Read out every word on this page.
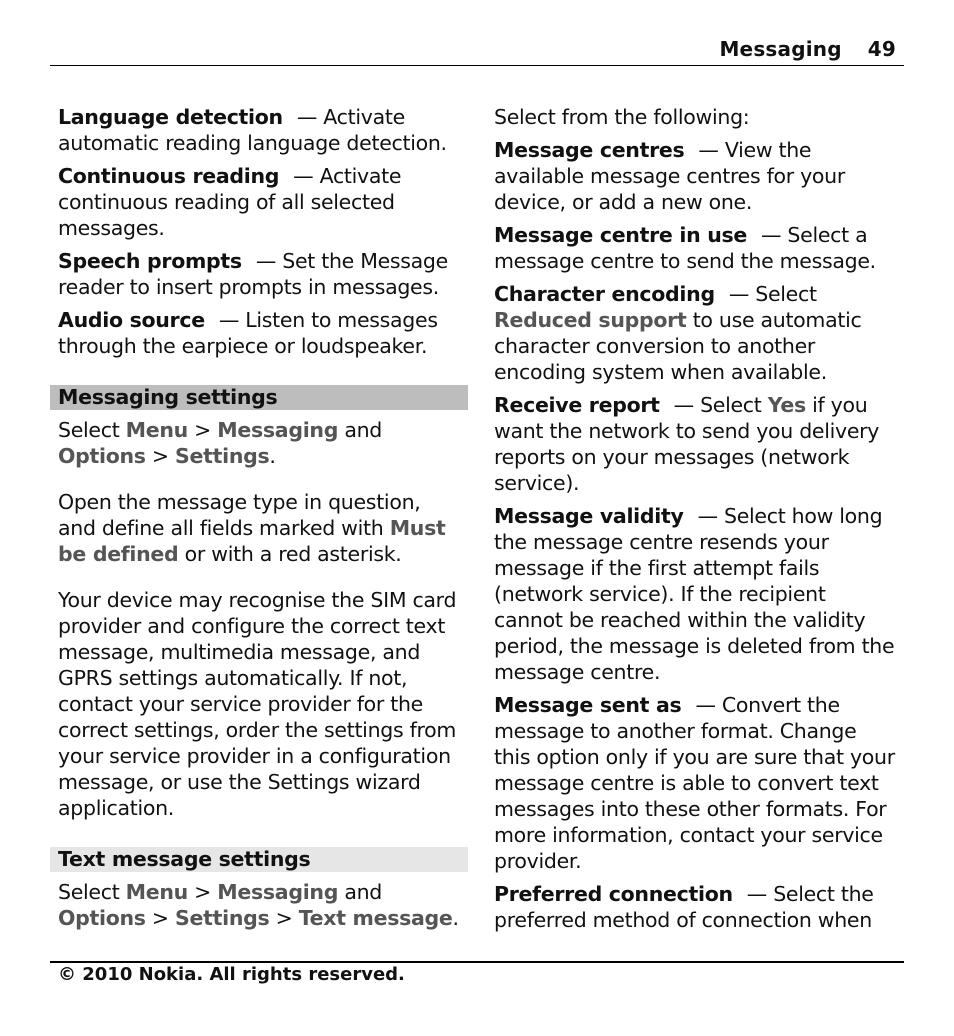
Messaging 49

Language detection — Activate automatic reading language detection.

Continuous reading — Activate continuous reading of all selected messages.

Speech prompts — Set the Message reader to insert prompts in messages.

Audio source — Listen to messages through the earpiece or loudspeaker.

Messaging settings

Select Menu > Messaging and Options > Settings.

Open the message type in question, and define all fields marked with Must be defined or with a red asterisk.

Your device may recognise the SIM card provider and configure the correct text message, multimedia message, and GPRS settings automatically. If not, contact your service provider for the correct settings, order the settings from your service provider in a configuration message, or use the Settings wizard application.

Text message settings

Select Menu > Messaging and Options > Settings > Text message.

Select from the following:

Message centres — View the available message centres for your device, or add a new one.

Message centre in use — Select a message centre to send the message.

Character encoding — Select Reduced support to use automatic character conversion to another encoding system when available.

Receive report — Select Yes if you want the network to send you delivery reports on your messages (network service).

Message validity — Select how long the message centre resends your message if the first attempt fails (network service). If the recipient cannot be reached within the validity period, the message is deleted from the message centre.

Message sent as — Convert the message to another format. Change this option only if you are sure that your message centre is able to convert text messages into these other formats. For more information, contact your service provider.

Preferred connection — Select the preferred method of connection when

© 2010 Nokia. All rights reserved.
